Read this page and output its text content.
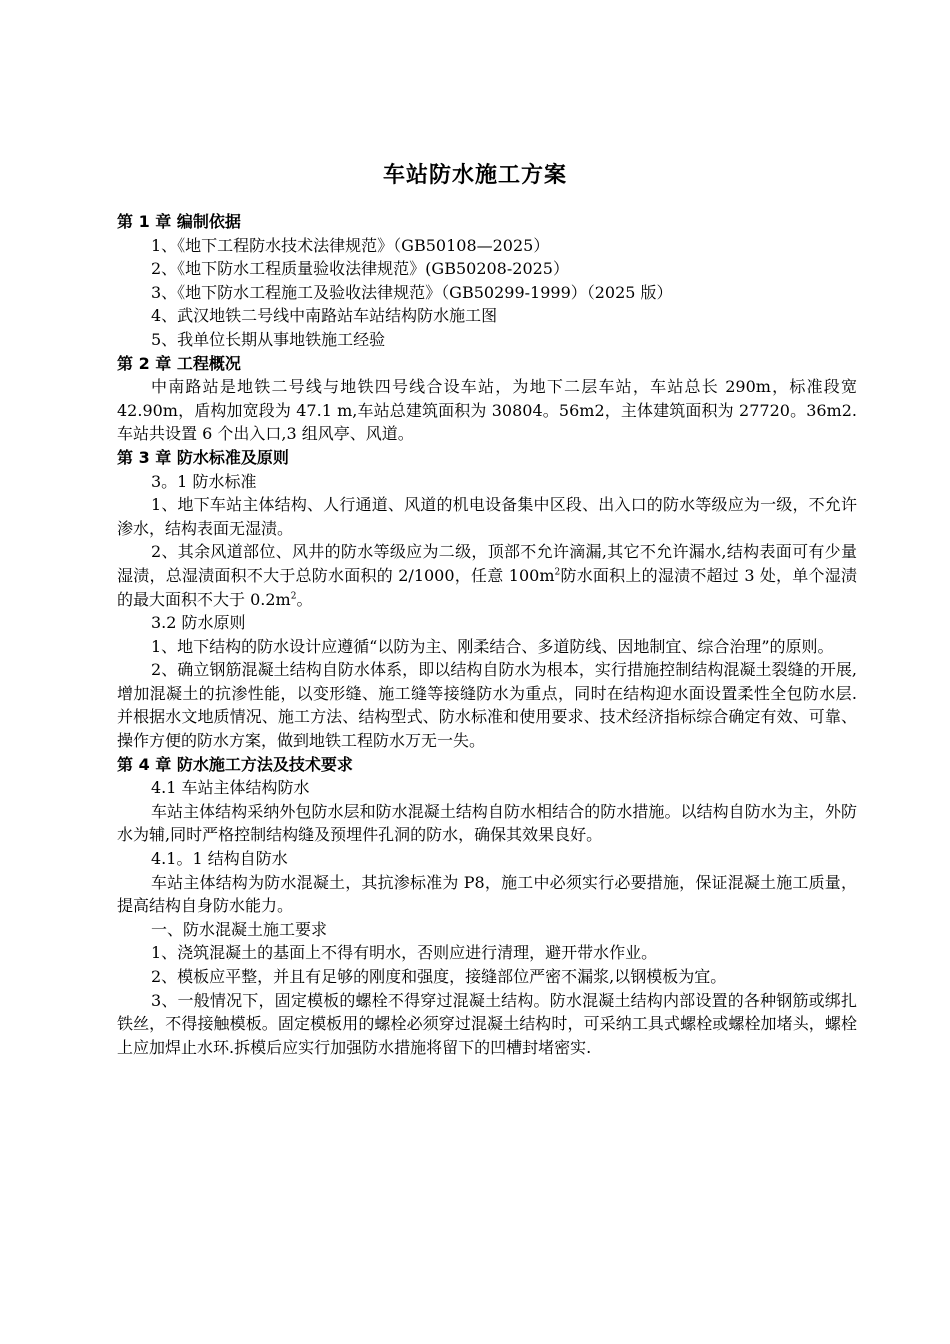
车站防水施工方案
第 1 章 编制依据
1、《地下工程防水技术法律规范》（GB50108—2025）
2、《地下防水工程质量验收法律规范》(GB50208-2025）
3、《地下防水工程施工及验收法律规范》（GB50299-1999）（2025 版）
4、武汉地铁二号线中南路站车站结构防水施工图
5、我单位长期从事地铁施工经验
第 2 章 工程概况
中南路站是地铁二号线与地铁四号线合设车站，为地下二层车站，车站总长 290m，标准段宽 42.90m，盾构加宽段为 47.1 m,车站总建筑面积为 30804。56m2，主体建筑面积为 27720。36m2.车站共设置 6 个出入口,3 组风亭、风道。
第 3 章 防水标准及原则
3。1 防水标准
1、地下车站主体结构、人行通道、风道的机电设备集中区段、出入口的防水等级应为一级，不允许渗水，结构表面无湿渍。
2、其余风道部位、风井的防水等级应为二级，顶部不允许滴漏,其它不允许漏水,结构表面可有少量湿渍，总湿渍面积不大于总防水面积的 2/1000，任意 $100m^2$防水面积上的湿渍不超过 3 处，单个湿渍的最大面积不大于 $0.2m^2$。
3.2 防水原则
1、地下结构的防水设计应遵循“以防为主、刚柔结合、多道防线、因地制宜、综合治理”的原则。
2、确立钢筋混凝土结构自防水体系，即以结构自防水为根本，实行措施控制结构混凝土裂缝的开展,增加混凝土的抗渗性能，以变形缝、施工缝等接缝防水为重点，同时在结构迎水面设置柔性全包防水层.并根据水文地质情况、施工方法、结构型式、防水标准和使用要求、技术经济指标综合确定有效、可靠、操作方便的防水方案，做到地铁工程防水万无一失。
第 4 章 防水施工方法及技术要求
4.1 车站主体结构防水
车站主体结构采纳外包防水层和防水混凝土结构自防水相结合的防水措施。以结构自防水为主，外防水为辅,同时严格控制结构缝及预埋件孔洞的防水，确保其效果良好。
4.1。1 结构自防水
车站主体结构为防水混凝土，其抗渗标准为 P8，施工中必须实行必要措施，保证混凝土施工质量，提高结构自身防水能力。
一、防水混凝土施工要求
1、浇筑混凝土的基面上不得有明水，否则应进行清理，避开带水作业。
2、模板应平整，并且有足够的刚度和强度，接缝部位严密不漏浆,以钢模板为宜。
3、一般情况下，固定模板的螺栓不得穿过混凝土结构。防水混凝土结构内部设置的各种钢筋或绑扎铁丝，不得接触模板。固定模板用的螺栓必须穿过混凝土结构时，可采纳工具式螺栓或螺栓加堵头，螺栓上应加焊止水环.拆模后应实行加强防水措施将留下的凹槽封堵密实.
